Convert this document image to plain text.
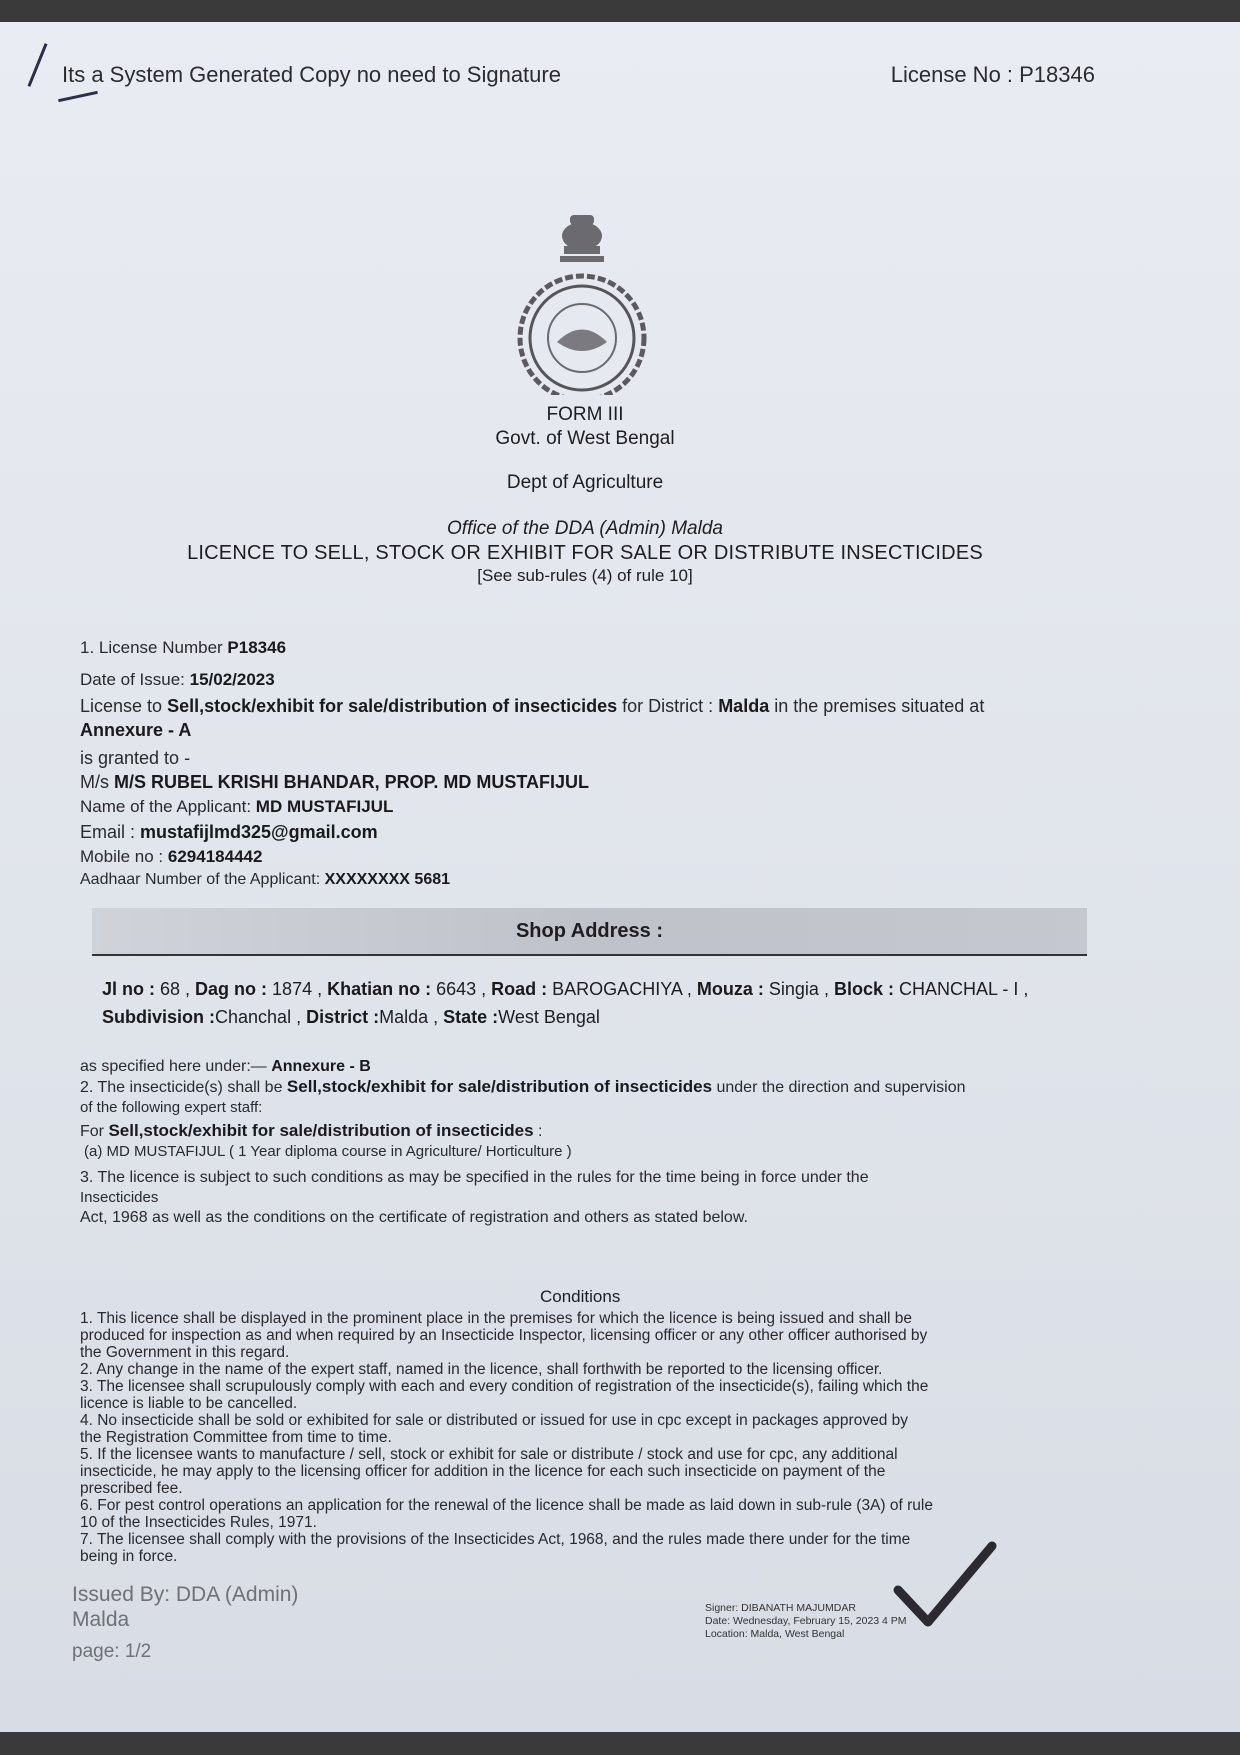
Its a System Generated Copy no need to Signature	License No : P18346
FORM III
Govt. of West Bengal
Dept of Agriculture
Office of the DDA (Admin) Malda
LICENCE TO SELL, STOCK OR EXHIBIT FOR SALE OR DISTRIBUTE INSECTICIDES
[See sub-rules (4) of rule 10]
1. License Number P18346
Date of Issue: 15/02/2023
License to Sell,stock/exhibit for sale/distribution of insecticides for District : Malda in the premises situated at
Annexure - A
is granted to -
M/s M/S RUBEL KRISHI BHANDAR, PROP. MD MUSTAFIJUL
Name of the Applicant: MD MUSTAFIJUL
Email : mustafijlmd325@gmail.com
Mobile no : 6294184442
Aadhaar Number of the Applicant: XXXXXXXX 5681
Shop Address :
Jl no : 68 , Dag no : 1874 , Khatian no : 6643 , Road : BAROGACHIYA , Mouza : Singia , Block : CHANCHAL - I , Subdivision :Chanchal , District :Malda , State :West Bengal
as specified here under:— Annexure - B
2. The insecticide(s) shall be Sell,stock/exhibit for sale/distribution of insecticides under the direction and supervision
of the following expert staff:
For Sell,stock/exhibit for sale/distribution of insecticides :
(a) MD MUSTAFIJUL ( 1 Year diploma course in Agriculture/ Horticulture )
3. The licence is subject to such conditions as may be specified in the rules for the time being in force under the
Insecticides
Act, 1968 as well as the conditions on the certificate of registration and others as stated below.
Conditions
1. This licence shall be displayed in the prominent place in the premises for which the licence is being issued and shall be
produced for inspection as and when required by an Insecticide Inspector, licensing officer or any other officer authorised by
the Government in this regard.
2. Any change in the name of the expert staff, named in the licence, shall forthwith be reported to the licensing officer.
3. The licensee shall scrupulously comply with each and every condition of registration of the insecticide(s), failing which the
licence is liable to be cancelled.
4. No insecticide shall be sold or exhibited for sale or distributed or issued for use in cpc except in packages approved by
the Registration Committee from time to time.
5. If the licensee wants to manufacture / sell, stock or exhibit for sale or distribute / stock and use for cpc, any additional
insecticide, he may apply to the licensing officer for addition in the licence for each such insecticide on payment of the
prescribed fee.
6. For pest control operations an application for the renewal of the licence shall be made as laid down in sub-rule (3A) of rule
10 of the Insecticides Rules, 1971.
7. The licensee shall comply with the provisions of the Insecticides Act, 1968, and the rules made there under for the time
being in force.
Issued By: DDA (Admin)
Malda
page: 1/2
Signer: DIBANATH MAJUMDAR
Date: Wednesday, February 15, 2023 4 PM
Location: Malda, West Bengal
